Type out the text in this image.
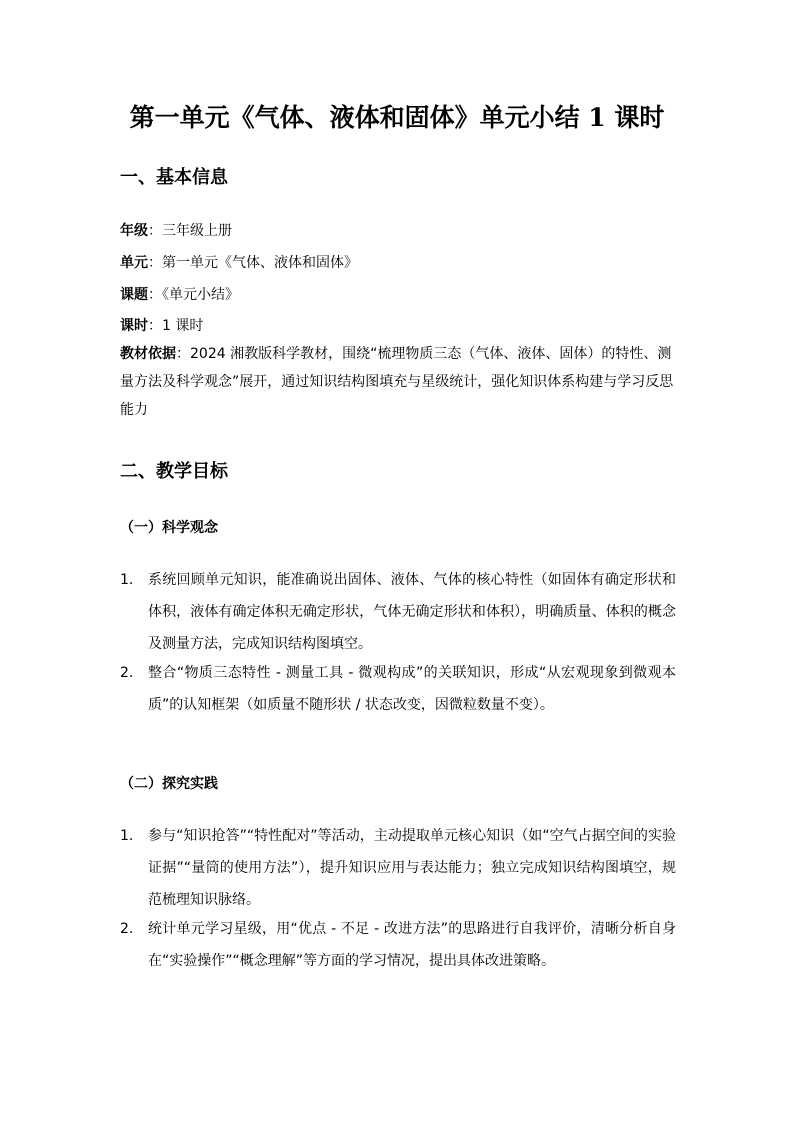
第一单元《气体、液体和固体》单元小结 1 课时
一、基本信息
年级：三年级上册
单元：第一单元《气体、液体和固体》
课题：《单元小结》
课时：1 课时
教材依据：2024 湘教版科学教材，围绕“梳理物质三态（气体、液体、固体）的特性、测量方法及科学观念”展开，通过知识结构图填充与星级统计，强化知识体系构建与学习反思能力
二、教学目标
（一）科学观念
1.	系统回顾单元知识，能准确说出固体、液体、气体的核心特性（如固体有确定形状和体积，液体有确定体积无确定形状，气体无确定形状和体积），明确质量、体积的概念及测量方法，完成知识结构图填空。
2.	整合“物质三态特性 - 测量工具 - 微观构成”的关联知识，形成“从宏观现象到微观本质”的认知框架（如质量不随形状 / 状态改变，因微粒数量不变）。
（二）探究实践
1.	参与“知识抢答”“特性配对”等活动，主动提取单元核心知识（如“空气占据空间的实验证据”“量筒的使用方法”），提升知识应用与表达能力；独立完成知识结构图填空，规范梳理知识脉络。
2.	统计单元学习星级，用“优点 - 不足 - 改进方法”的思路进行自我评价，清晰分析自身在“实验操作”“概念理解”等方面的学习情况，提出具体改进策略。
